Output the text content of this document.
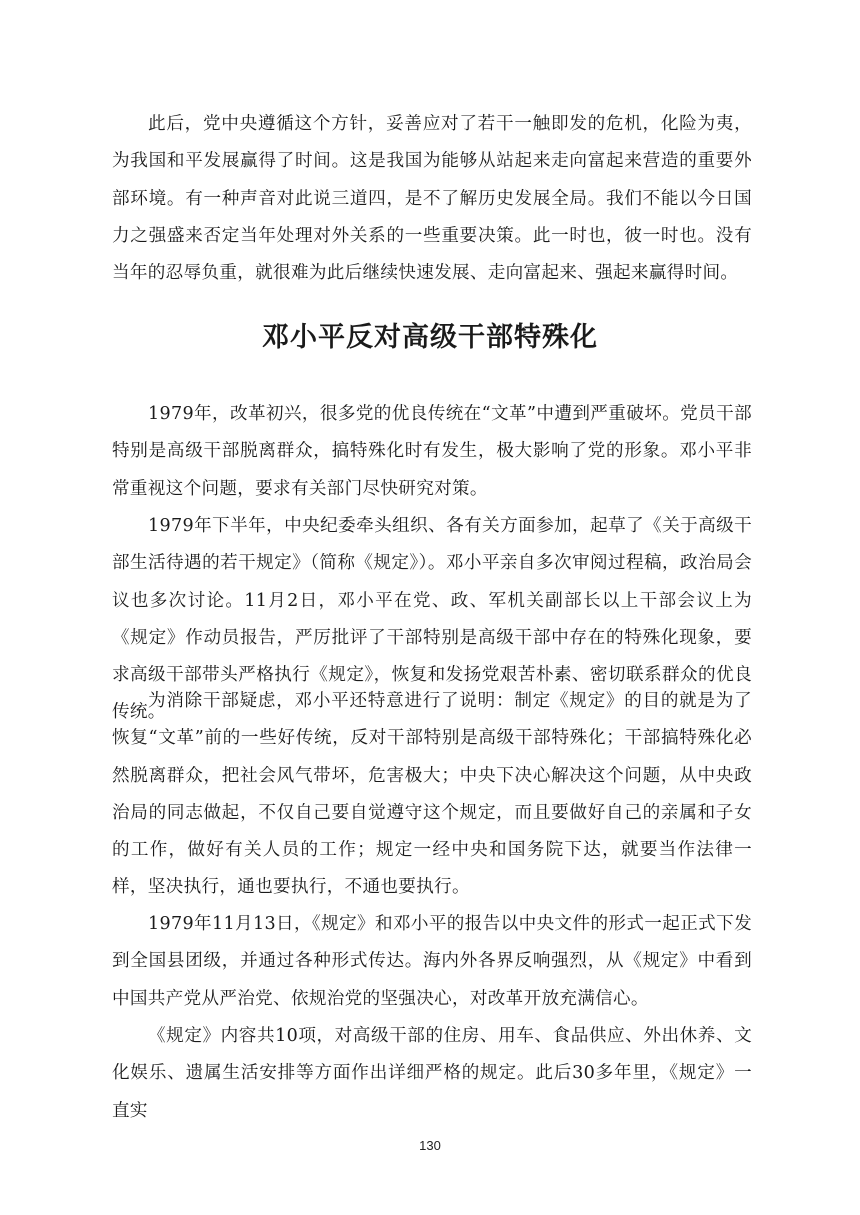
此后，党中央遵循这个方针，妥善应对了若干一触即发的危机，化险为夷，为我国和平发展赢得了时间。这是我国为能够从站起来走向富起来营造的重要外部环境。有一种声音对此说三道四，是不了解历史发展全局。我们不能以今日国力之强盛来否定当年处理对外关系的一些重要决策。此一时也，彼一时也。没有当年的忍辱负重，就很难为此后继续快速发展、走向富起来、强起来赢得时间。

邓小平反对高级干部特殊化

1979年，改革初兴，很多党的优良传统在“文革”中遭到严重破坏。党员干部特别是高级干部脱离群众，搞特殊化时有发生，极大影响了党的形象。邓小平非常重视这个问题，要求有关部门尽快研究对策。

1979年下半年，中央纪委牵头组织、各有关方面参加，起草了《关于高级干部生活待遇的若干规定》（简称《规定》）。邓小平亲自多次审阅过程稿，政治局会议也多次讨论。11月2日，邓小平在党、政、军机关副部长以上干部会议上为《规定》作动员报告，严厉批评了干部特别是高级干部中存在的特殊化现象，要求高级干部带头严格执行《规定》，恢复和发扬党艰苦朴素、密切联系群众的优良传统。

为消除干部疑虑，邓小平还特意进行了说明：制定《规定》的目的就是为了恢复“文革”前的一些好传统，反对干部特别是高级干部特殊化；干部搞特殊化必然脱离群众，把社会风气带坏，危害极大；中央下决心解决这个问题，从中央政治局的同志做起，不仅自己要自觉遵守这个规定，而且要做好自己的亲属和子女的工作，做好有关人员的工作；规定一经中央和国务院下达，就要当作法律一样，坚决执行，通也要执行，不通也要执行。

1979年11月13日，《规定》和邓小平的报告以中央文件的形式一起正式下发到全国县团级，并通过各种形式传达。海内外各界反响强烈，从《规定》中看到中国共产党从严治党、依规治党的坚强决心，对改革开放充满信心。

《规定》内容共10项，对高级干部的住房、用车、食品供应、外出休养、文化娱乐、遗属生活安排等方面作出详细严格的规定。此后30多年里，《规定》一直实

130
